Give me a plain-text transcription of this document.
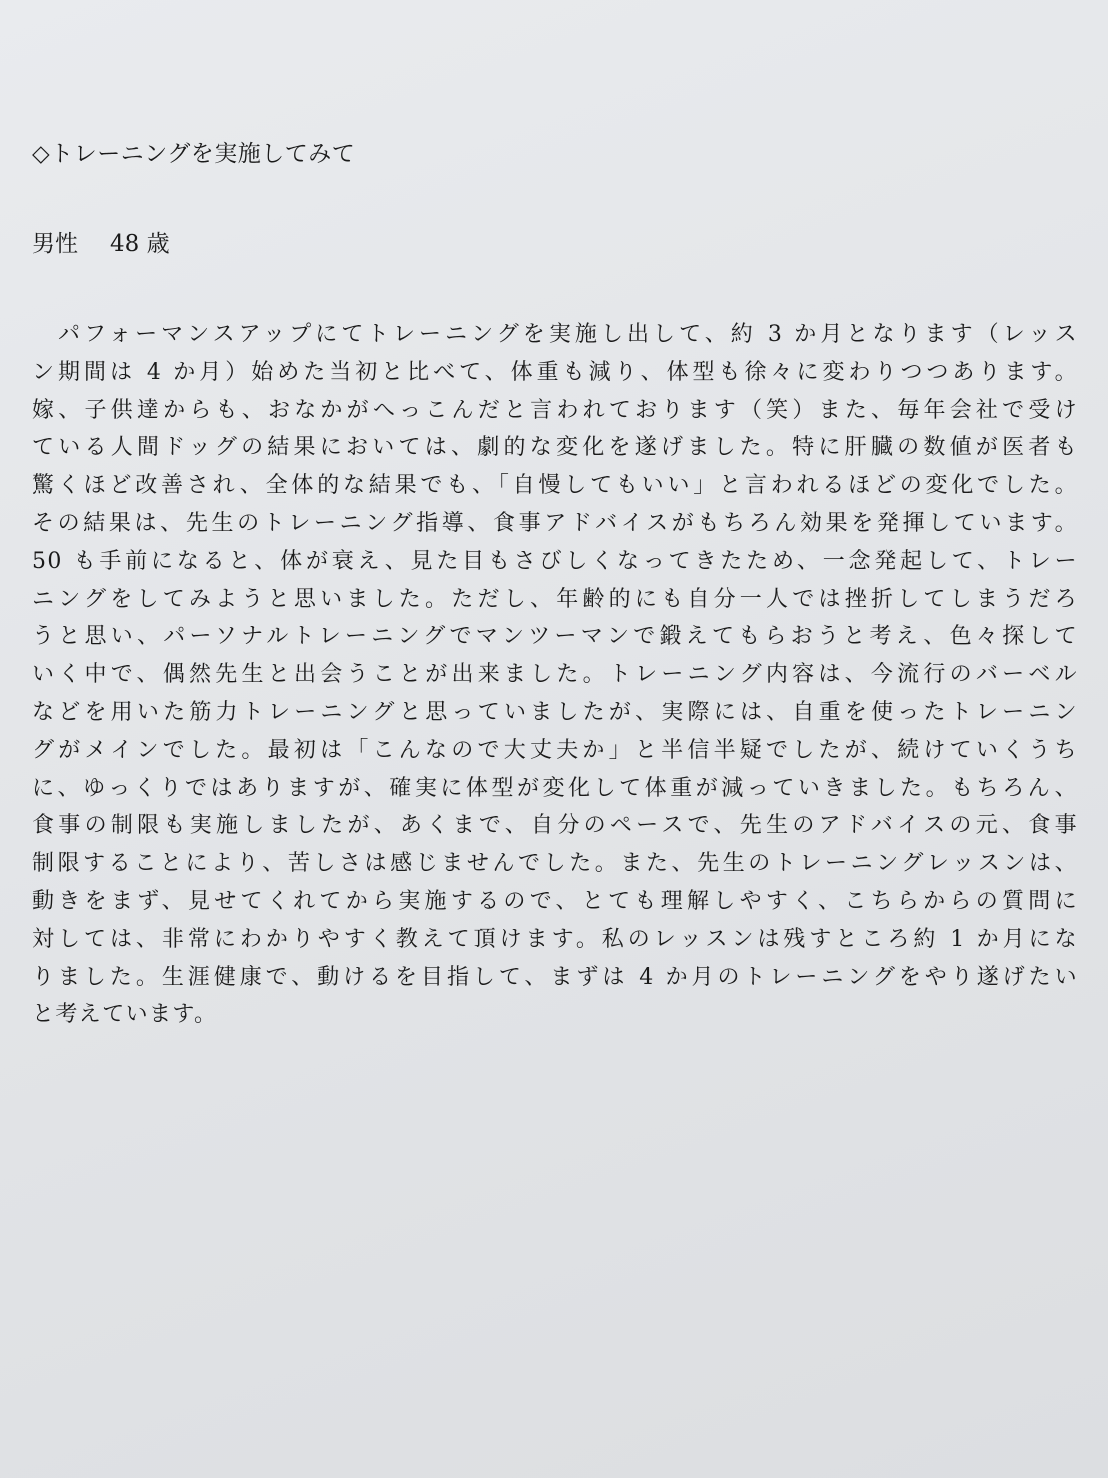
◇トレーニングを実施してみて

男性 48 歳

　パフォーマンスアップにてトレーニングを実施し出して、約 3 か月となります（レッス
ン期間は 4 か月）始めた当初と比べて、体重も減り、体型も徐々に変わりつつあります。
嫁、子供達からも、おなかがへっこんだと言われております（笑）また、毎年会社で受け
ている人間ドッグの結果においては、劇的な変化を遂げました。特に肝臓の数値が医者も
驚くほど改善され、全体的な結果でも、「自慢してもいい」と言われるほどの変化でした。
その結果は、先生のトレーニング指導、食事アドバイスがもちろん効果を発揮しています。
50 も手前になると、体が衰え、見た目もさびしくなってきたため、一念発起して、トレー
ニングをしてみようと思いました。ただし、年齢的にも自分一人では挫折してしまうだろ
うと思い、パーソナルトレーニングでマンツーマンで鍛えてもらおうと考え、色々探して
いく中で、偶然先生と出会うことが出来ました。トレーニング内容は、今流行のバーベル
などを用いた筋力トレーニングと思っていましたが、実際には、自重を使ったトレーニン
グがメインでした。最初は「こんなので大丈夫か」と半信半疑でしたが、続けていくうち
に、ゆっくりではありますが、確実に体型が変化して体重が減っていきました。もちろん、
食事の制限も実施しましたが、あくまで、自分のペースで、先生のアドバイスの元、食事
制限することにより、苦しさは感じませんでした。また、先生のトレーニングレッスンは、
動きをまず、見せてくれてから実施するので、とても理解しやすく、こちらからの質問に
対しては、非常にわかりやすく教えて頂けます。私のレッスンは残すところ約 1 か月にな
りました。生涯健康で、動けるを目指して、まずは 4 か月のトレーニングをやり遂げたい
と考えています。
